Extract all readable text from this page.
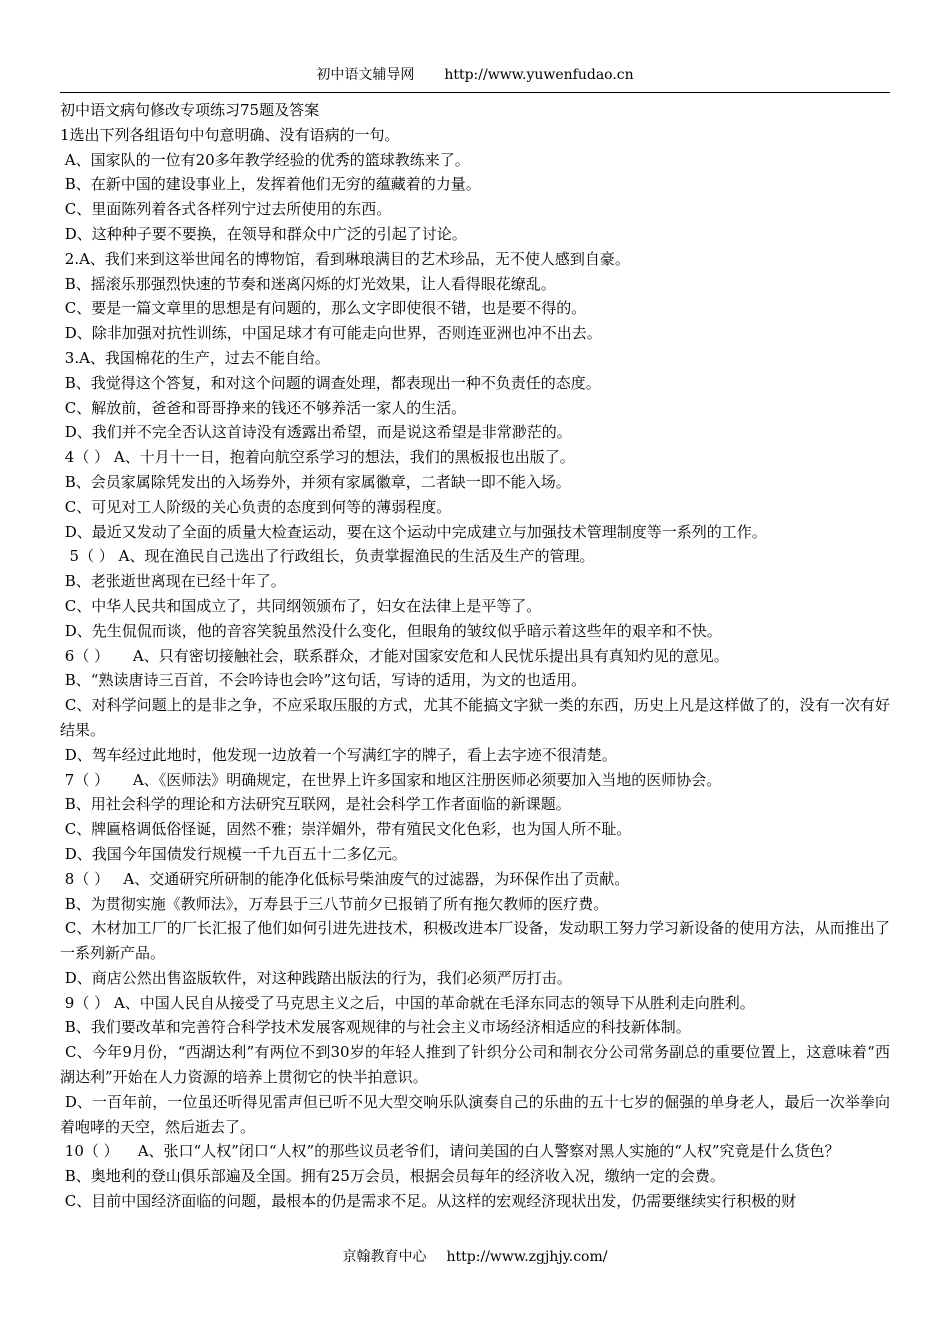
初中语文辅导网 http://www.yuwenfudao.cn

初中语文病句修改专项练习75题及答案

1选出下列各组语句中句意明确、没有语病的一句。

A、国家队的一位有20多年教学经验的优秀的篮球教练来了。

B、在新中国的建设事业上，发挥着他们无穷的蕴藏着的力量。

C、里面陈列着各式各样列宁过去所使用的东西。

D、这种种子要不要换，在领导和群众中广泛的引起了讨论。

2.A、我们来到这举世闻名的博物馆，看到琳琅满目的艺术珍品，无不使人感到自豪。

B、摇滚乐那强烈快速的节奏和迷离闪烁的灯光效果，让人看得眼花缭乱。

C、要是一篇文章里的思想是有问题的，那么文字即使很不错，也是要不得的。

D、除非加强对抗性训练，中国足球才有可能走向世界，否则连亚洲也冲不出去。

3.A、我国棉花的生产，过去不能自给。

B、我觉得这个答复，和对这个问题的调查处理，都表现出一种不负责任的态度。

C、解放前，爸爸和哥哥挣来的钱还不够养活一家人的生活。

D、我们并不完全否认这首诗没有透露出希望，而是说这希望是非常渺茫的。

4（ ） A、十月十一日，抱着向航空系学习的想法，我们的黑板报也出版了。

B、会员家属除凭发出的入场券外，并须有家属徽章，二者缺一即不能入场。

C、可见对工人阶级的关心负责的态度到何等的薄弱程度。

D、最近又发动了全面的质量大检查运动，要在这个运动中完成建立与加强技术管理制度等一系列的工作。

5（ ） A、现在渔民自己选出了行政组长，负责掌握渔民的生活及生产的管理。

B、老张逝世离现在已经十年了。

C、中华人民共和国成立了，共同纲领颁布了，妇女在法律上是平等了。

D、先生侃侃而谈，他的音容笑貌虽然没什么变化，但眼角的皱纹似乎暗示着这些年的艰辛和不快。

6（ ）     A、只有密切接触社会，联系群众，才能对国家安危和人民忧乐提出具有真知灼见的意见。

B、“熟读唐诗三百首，不会吟诗也会吟”这句话，写诗的适用，为文的也适用。

C、对科学问题上的是非之争，不应采取压服的方式，尤其不能搞文字狱一类的东西，历史上凡是这样做了的，没有一次有好结果。

D、驾车经过此地时，他发现一边放着一个写满红字的牌子，看上去字迹不很清楚。

7（ ）     A、《医师法》明确规定，在世界上许多国家和地区注册医师必须要加入当地的医师协会。

B、用社会科学的理论和方法研究互联网，是社会科学工作者面临的新课题。

C、牌匾格调低俗怪诞，固然不雅；崇洋媚外，带有殖民文化色彩，也为国人所不耻。

D、我国今年国债发行规模一千九百五十二多亿元。

8（ ）   A、交通研究所研制的能净化低标号柴油废气的过滤器，为环保作出了贡献。

B、为贯彻实施《教师法》，万寿县于三八节前夕已报销了所有拖欠教师的医疗费。

C、木材加工厂的厂长汇报了他们如何引进先进技术，积极改进本厂设备，发动职工努力学习新设备的使用方法，从而推出了一系列新产品。

D、商店公然出售盗版软件，对这种践踏出版法的行为，我们必须严厉打击。

9（ ） A、中国人民自从接受了马克思主义之后，中国的革命就在毛泽东同志的领导下从胜利走向胜利。

B、我们要改革和完善符合科学技术发展客观规律的与社会主义市场经济相适应的科技新体制。

C、今年9月份，“西湖达利”有两位不到30岁的年轻人推到了针织分公司和制衣分公司常务副总的重要位置上，这意味着“西湖达利”开始在人力资源的培养上贯彻它的快半拍意识。

D、一百年前，一位虽还听得见雷声但已听不见大型交响乐队演奏自己的乐曲的五十七岁的倔强的单身老人，最后一次举拳向着咆哮的天空，然后逝去了。

10（ ）    A、张口“人权”闭口“人权”的那些议员老爷们，请问美国的白人警察对黑人实施的“人权”究竟是什么货色？

B、奥地利的登山俱乐部遍及全国。拥有25万会员，根据会员每年的经济收入况，缴纳一定的会费。

C、目前中国经济面临的问题，最根本的仍是需求不足。从这样的宏观经济现状出发，仍需要继续实行积极的财

京翰教育中心 http://www.zgjhjy.com/
